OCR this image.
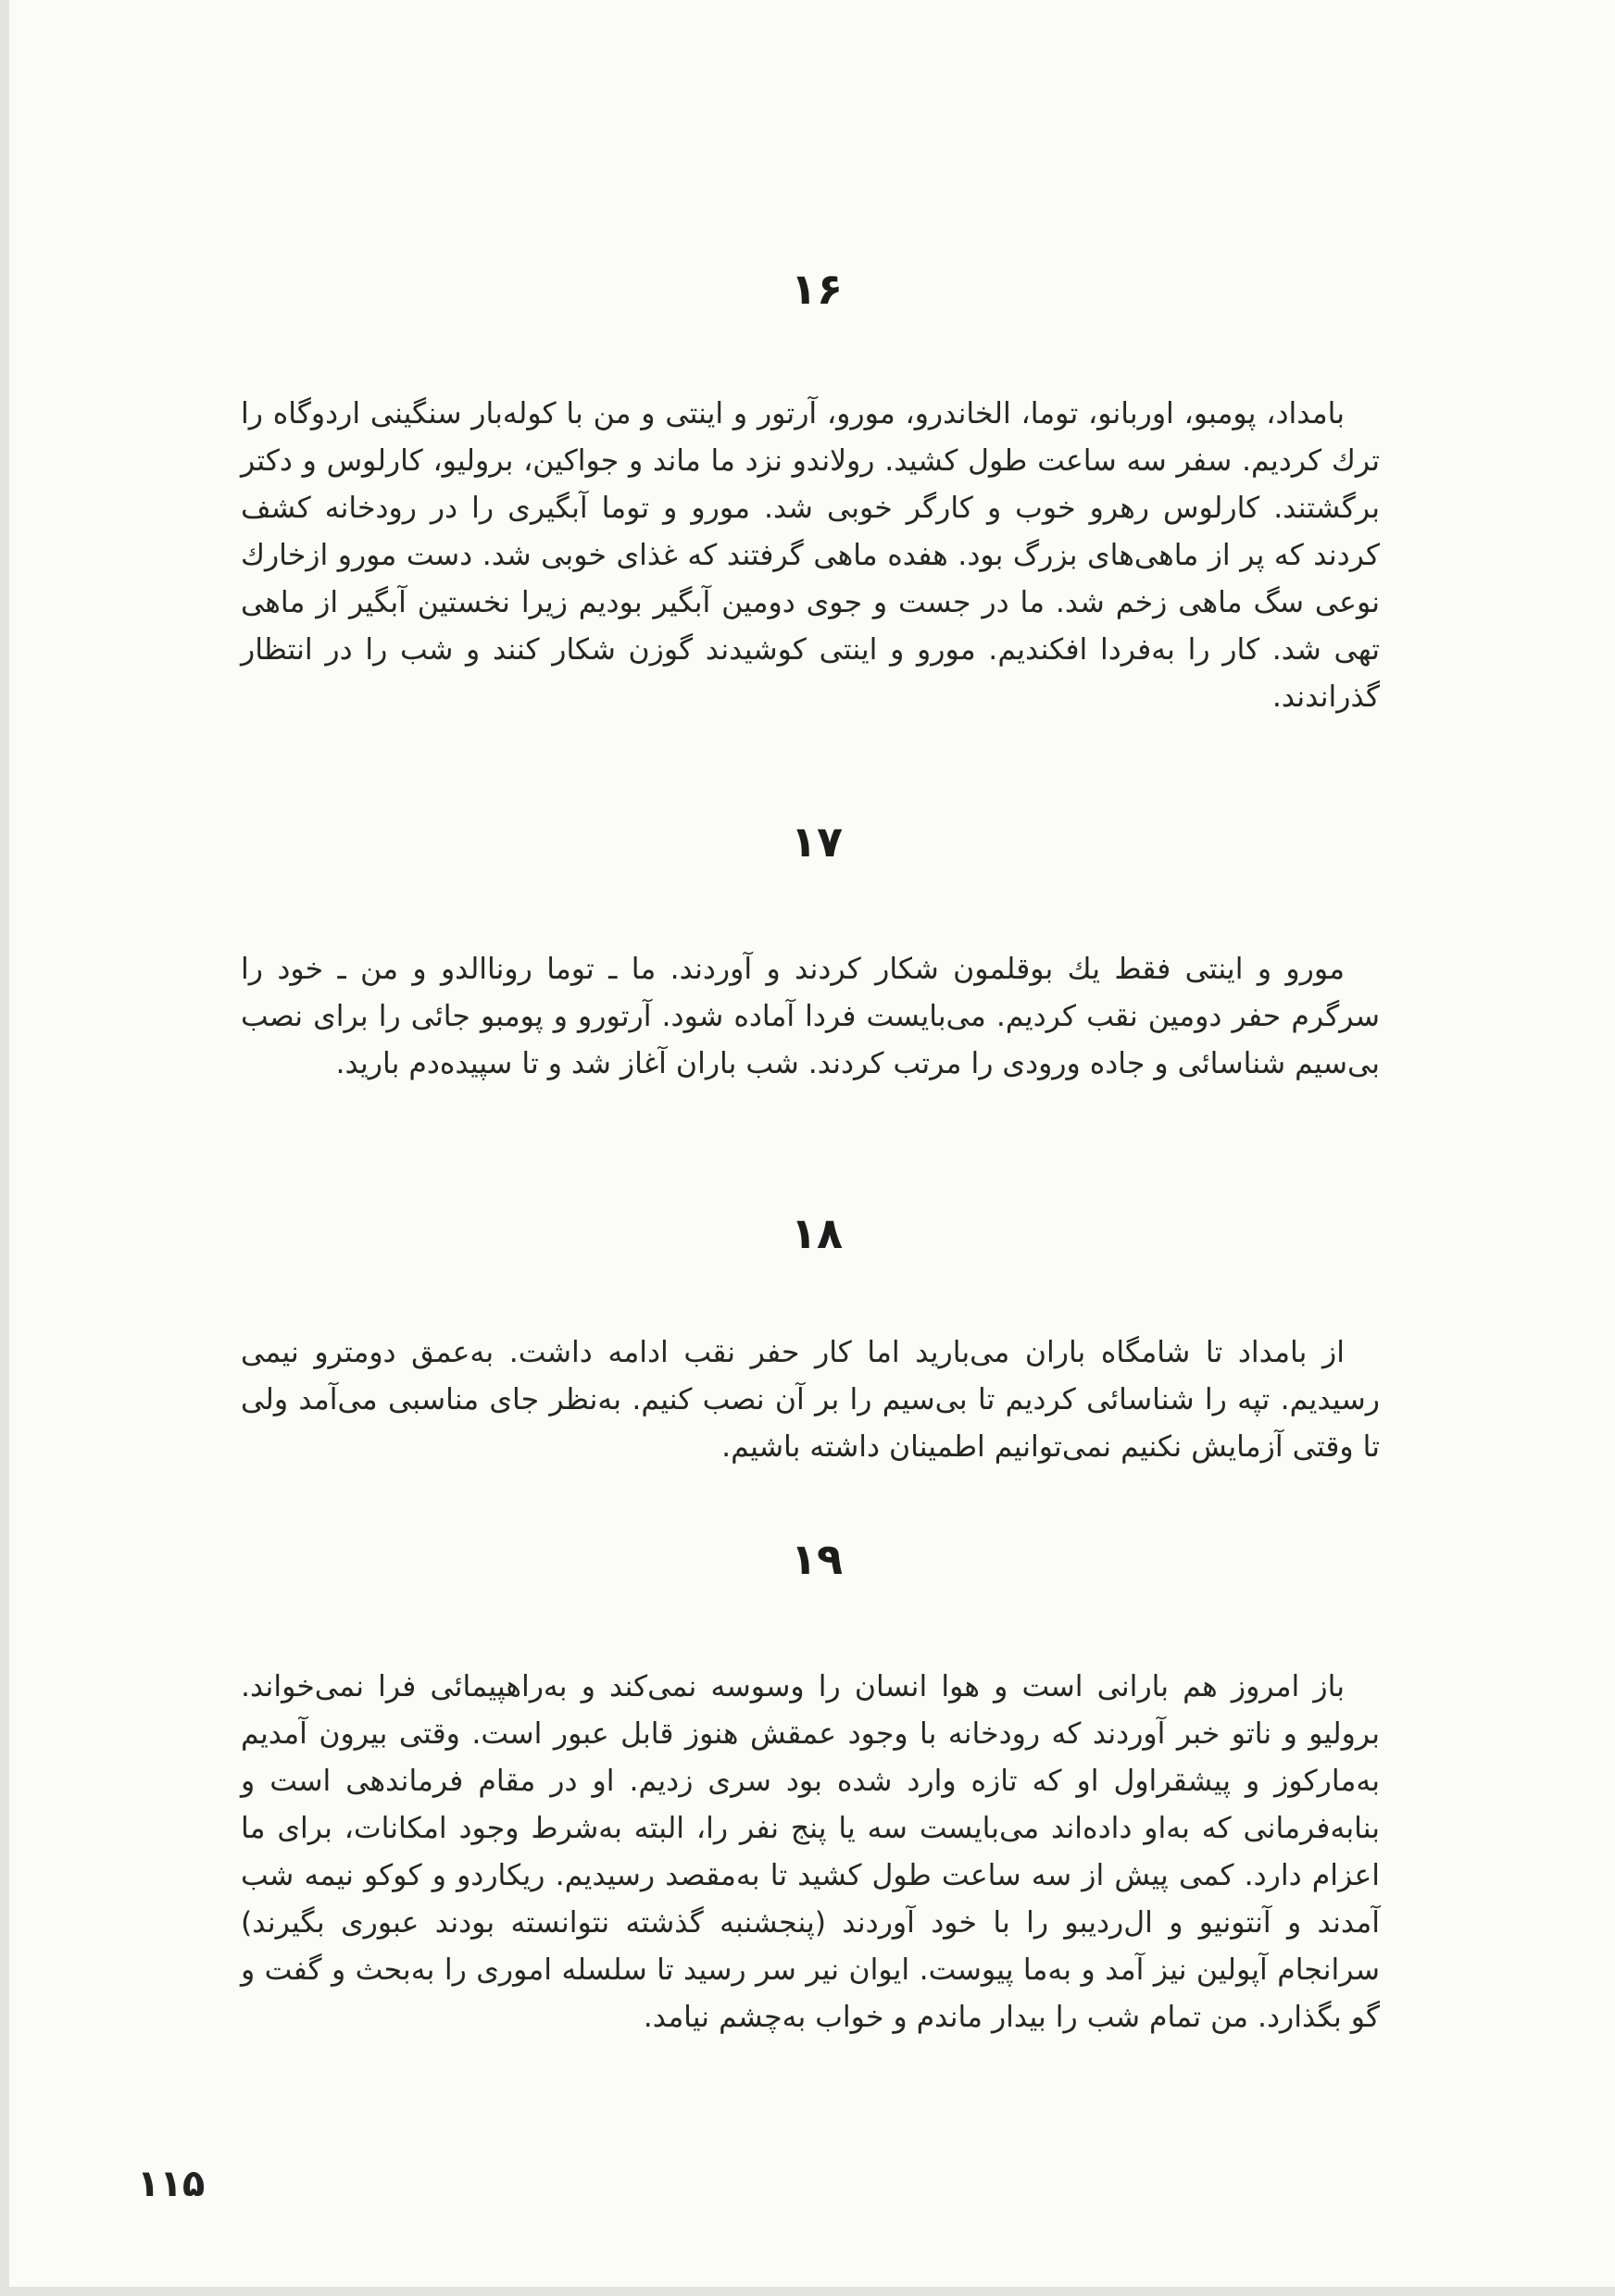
۱۶

بامداد، پومبو، اوربانو، توما، الخاندرو، مورو، آرتور و اینتی و من با کوله‌بار سنگینی اردوگاه را ترك کردیم. سفر سه ساعت طول کشید. رولاندو نزد ما ماند و جواکین، برولیو، کارلوس و دکتر برگشتند. کارلوس رهرو خوب و کارگر خوبی شد. مورو و توما آبگیری را در رودخانه کشف کردند که پر از ماهی‌های بزرگ بود. هفده ماهی گرفتند که غذای خوبی شد. دست مورو ازخارك نوعی سگ ماهی زخم شد. ما در جست و جوی دومین آبگیر بودیم زیرا نخستین آبگیر از ماهی تهی شد. کار را به‌فردا افکندیم. مورو و اینتی کوشیدند گوزن شکار کنند و شب را در انتظار گذراندند.

۱۷

مورو و اینتی فقط یك بوقلمون شکار کردند و آوردند. ما ـ توما روناالدو و من ـ خود را سرگرم حفر دومین نقب کردیم. می‌بایست فردا آماده شود. آرتورو و پومبو جائی را برای نصب بی‌سیم شناسائی و جاده ورودی را مرتب کردند. شب باران آغاز شد و تا سپیده‌دم بارید.

۱۸

از بامداد تا شامگاه باران می‌بارید اما کار حفر نقب ادامه داشت. به‌عمق دومترو نیمی رسیدیم. تپه را شناسائی کردیم تا بی‌سیم را بر آن نصب کنیم. به‌نظر جای مناسبی می‌آمد ولی تا وقتی آزمایش نکنیم نمی‌توانیم اطمینان داشته باشیم.

۱۹

باز امروز هم بارانی است و هوا انسان را وسوسه نمی‌کند و به‌راهپیمائی فرا نمی‌خواند. برولیو و ناتو خبر آوردند که رودخانه با وجود عمقش هنوز قابل عبور است. وقتی بیرون آمدیم به‌مارکوز و پیشقراول او که تازه وارد شده بود سری زدیم. او در مقام فرماندهی است و بنابه‌فرمانی که به‌او داده‌اند می‌بایست سه یا پنج نفر را، البته به‌شرط وجود امکانات، برای ما اعزام دارد. کمی پیش از سه ساعت طول کشید تا به‌مقصد رسیدیم. ریکاردو و کوکو نیمه شب آمدند و آنتونیو و ال‌ردیبو را با خود آوردند (پنجشنبه گذشته نتوانسته بودند عبوری بگیرند) سرانجام آپولین نیز آمد و به‌ما پیوست. ایوان نیر سر رسید تا سلسله اموری را به‌بحث و گفت و گو بگذارد. من تمام شب را بیدار ماندم و خواب به‌چشم نیامد.

۱۱۵
